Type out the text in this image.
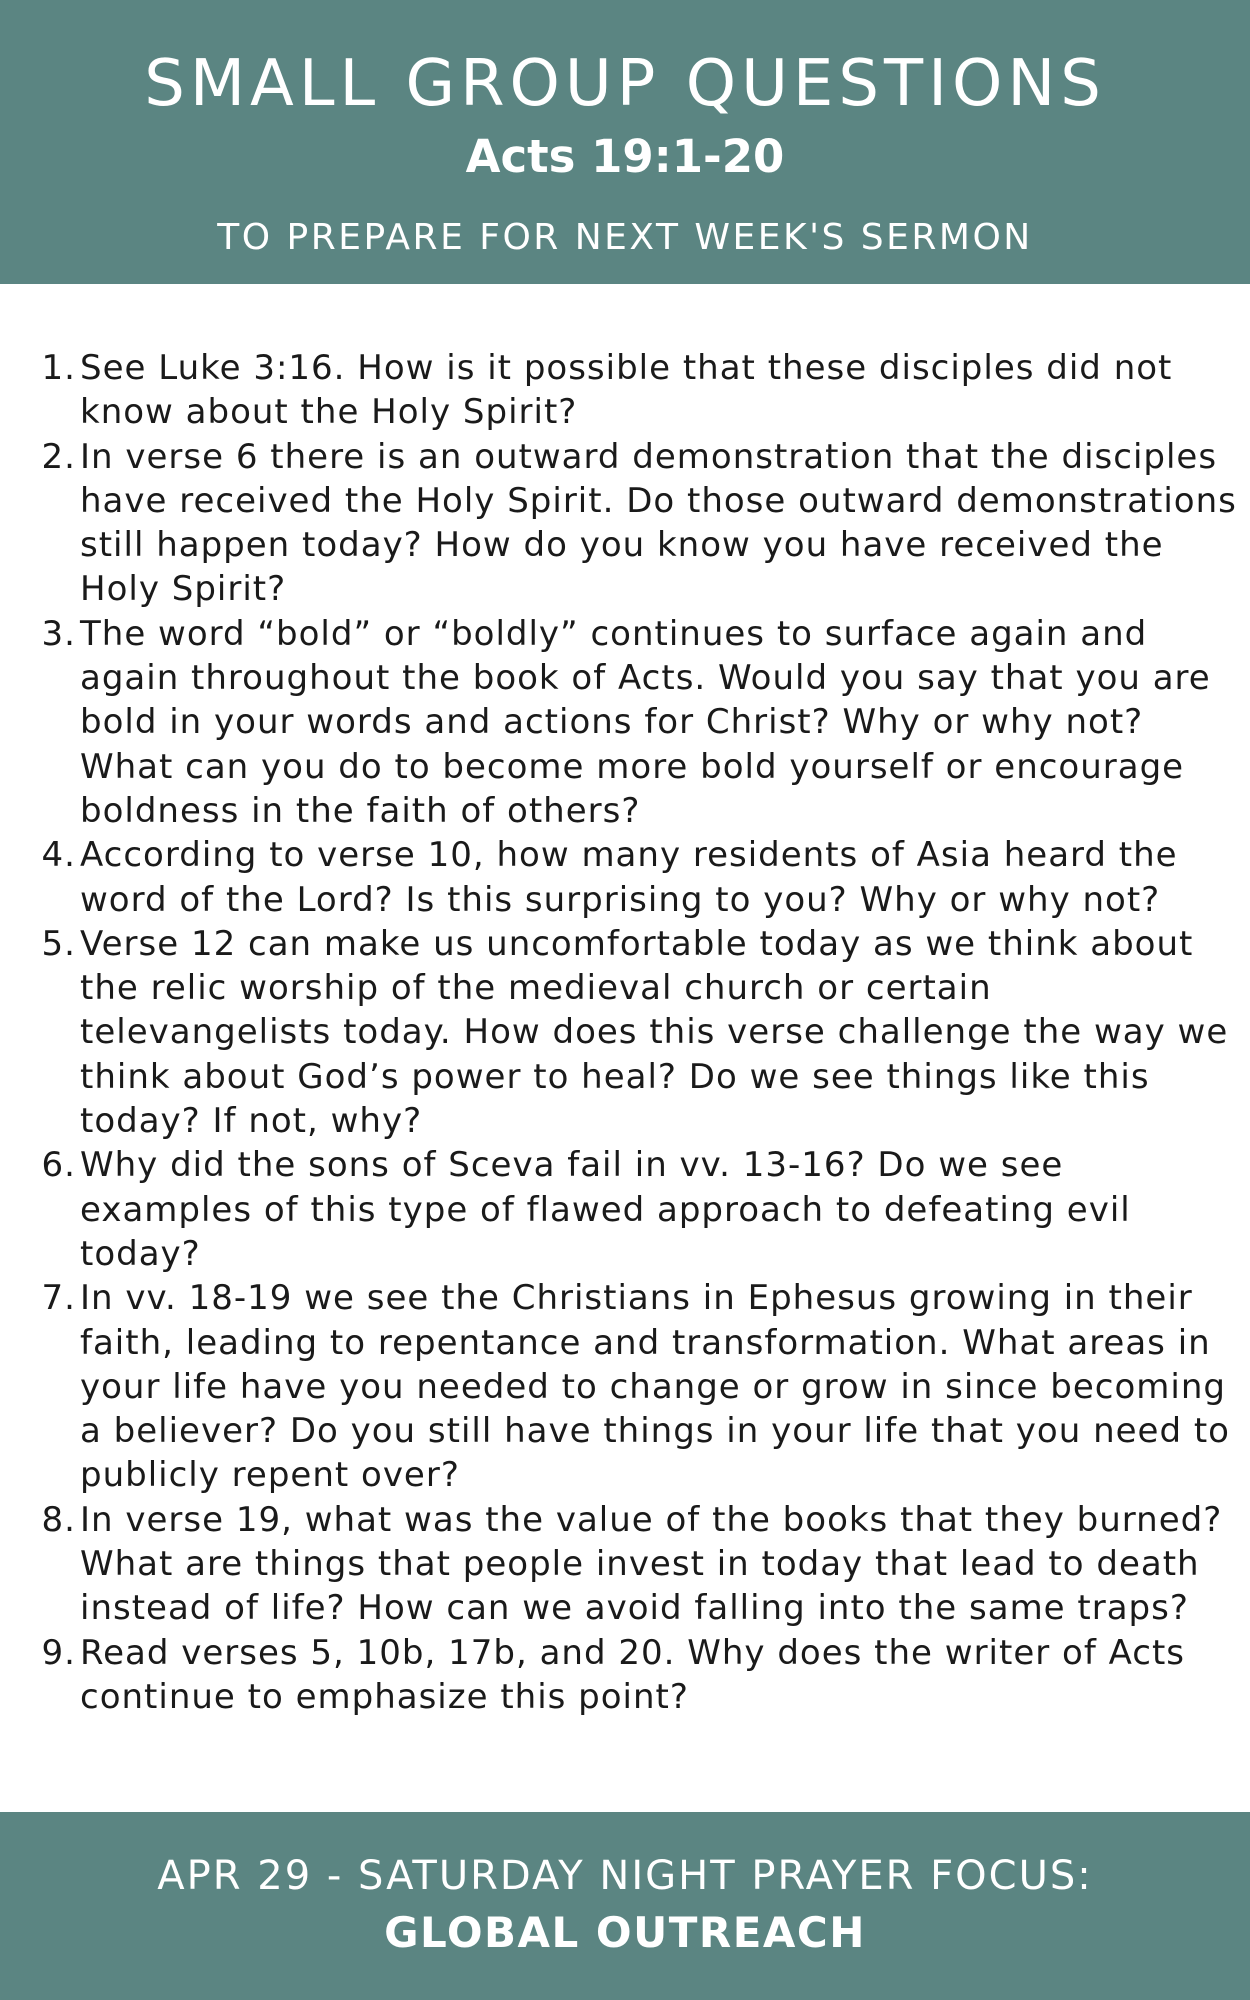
SMALL GROUP QUESTIONS
Acts 19:1-20
TO PREPARE FOR NEXT WEEK'S SERMON
1. See Luke 3:16. How is it possible that these disciples did not know about the Holy Spirit?
2. In verse 6 there is an outward demonstration that the disciples have received the Holy Spirit. Do those outward demonstrations still happen today? How do you know you have received the Holy Spirit?
3. The word “bold” or “boldly” continues to surface again and again throughout the book of Acts. Would you say that you are bold in your words and actions for Christ? Why or why not? What can you do to become more bold yourself or encourage boldness in the faith of others?
4. According to verse 10, how many residents of Asia heard the word of the Lord? Is this surprising to you? Why or why not?
5. Verse 12 can make us uncomfortable today as we think about the relic worship of the medieval church or certain televangelists today. How does this verse challenge the way we think about God’s power to heal? Do we see things like this today? If not, why?
6. Why did the sons of Sceva fail in vv. 13-16? Do we see examples of this type of flawed approach to defeating evil today?
7. In vv. 18-19 we see the Christians in Ephesus growing in their faith, leading to repentance and transformation. What areas in your life have you needed to change or grow in since becoming a believer? Do you still have things in your life that you need to publicly repent over?
8. In verse 19, what was the value of the books that they burned? What are things that people invest in today that lead to death instead of life? How can we avoid falling into the same traps?
9. Read verses 5, 10b, 17b, and 20. Why does the writer of Acts continue to emphasize this point?
APR 29 - SATURDAY NIGHT PRAYER FOCUS:
GLOBAL OUTREACH
